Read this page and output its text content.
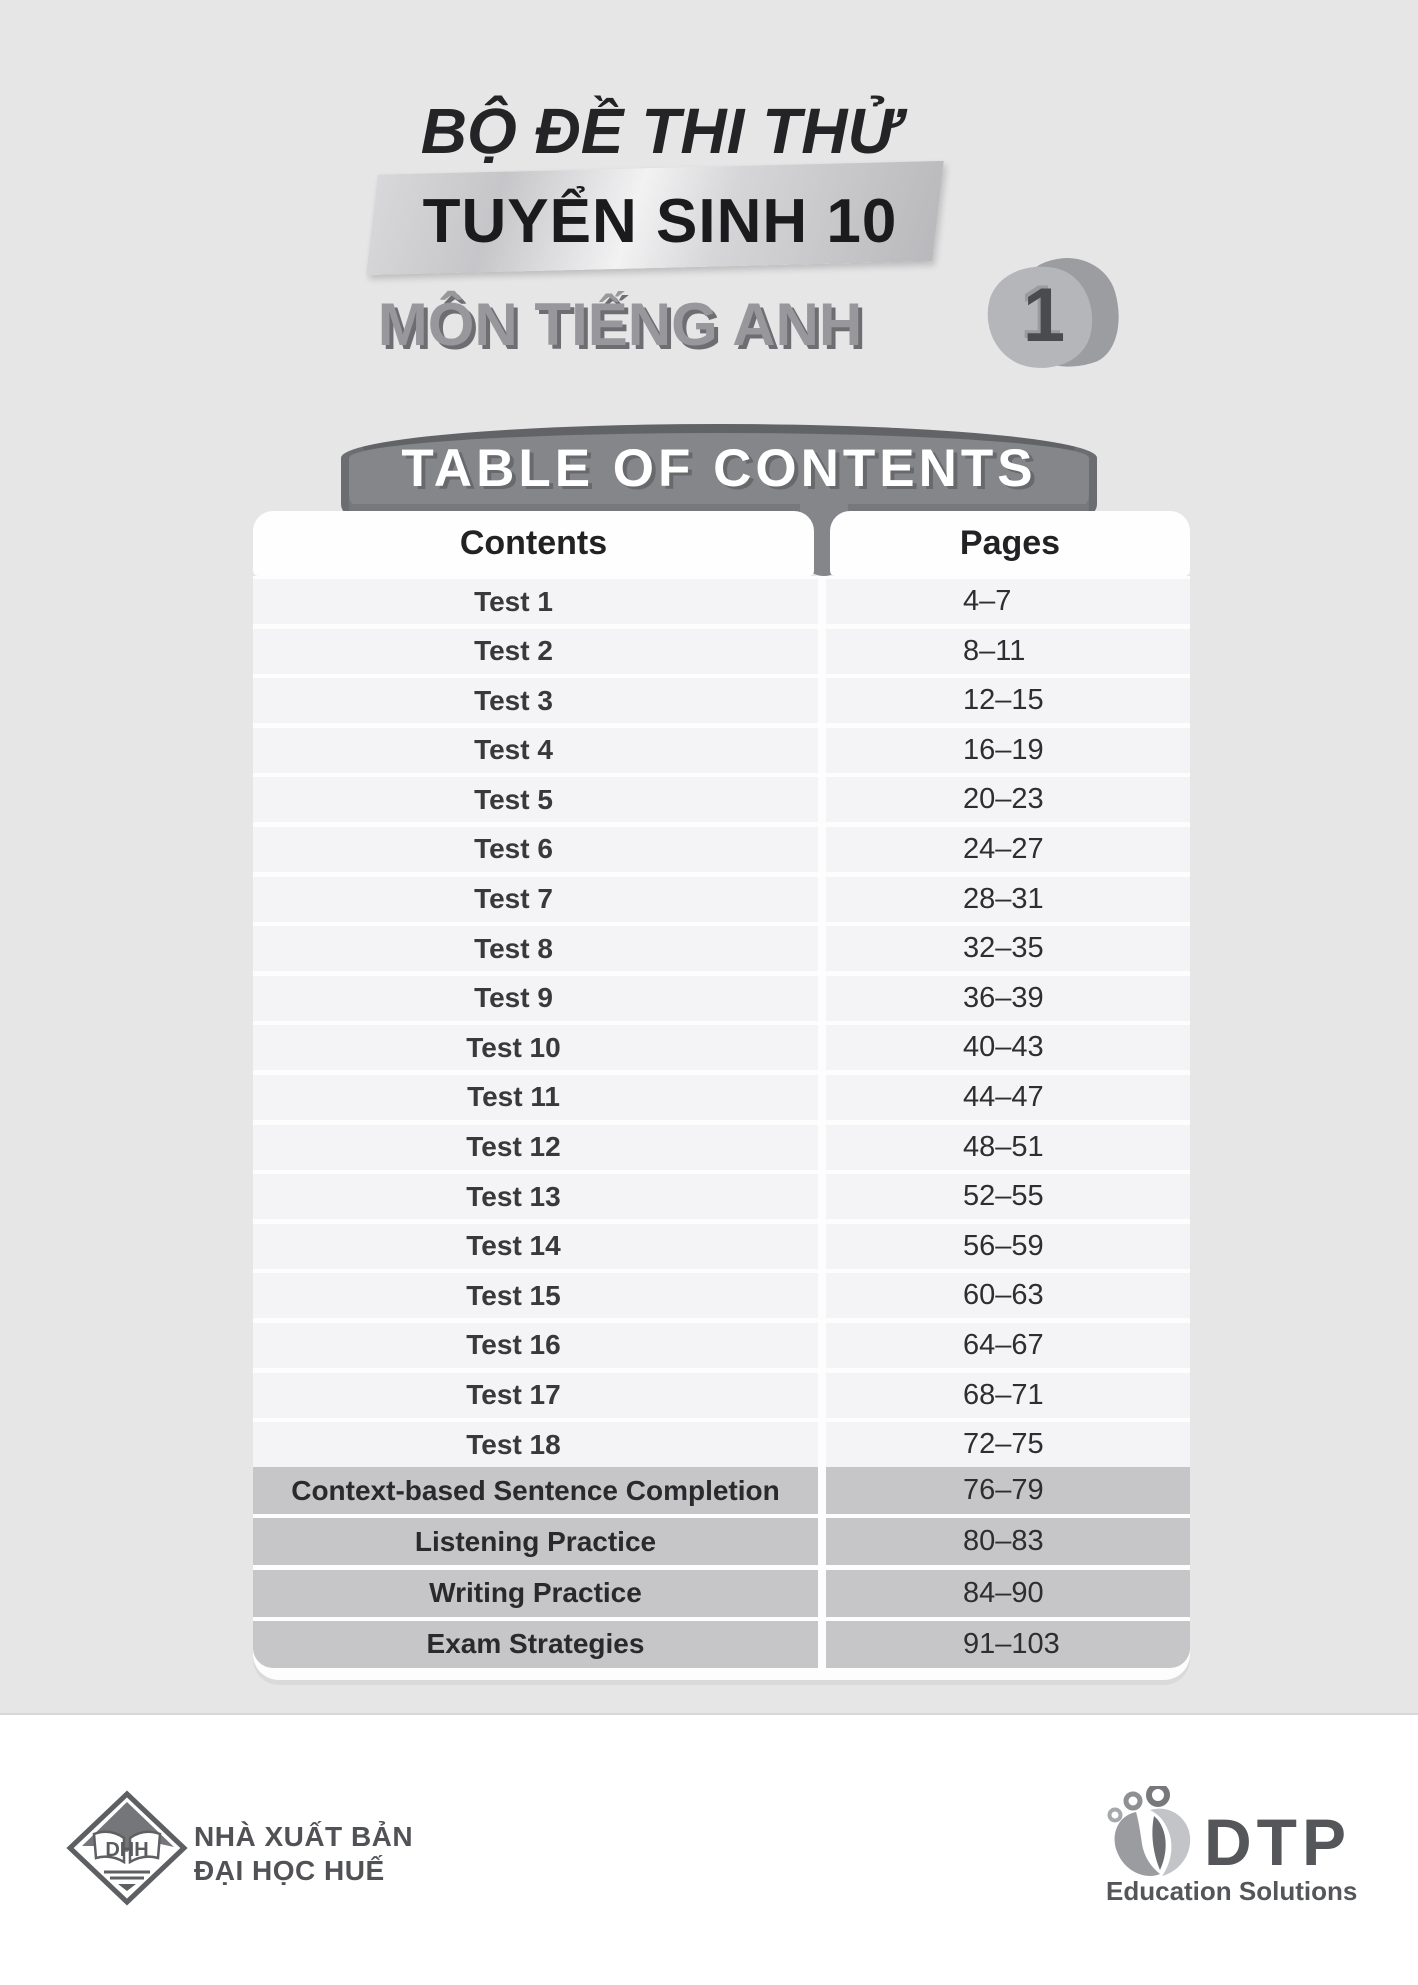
BỘ ĐỀ THI THỬ
TUYỂN SINH 10
MÔN TIẾNG ANH	1
TABLE OF CONTENTS
Contents	Pages
Test 1	4–7
Test 2	8–11
Test 3	12–15
Test 4	16–19
Test 5	20–23
Test 6	24–27
Test 7	28–31
Test 8	32–35
Test 9	36–39
Test 10	40–43
Test 11	44–47
Test 12	48–51
Test 13	52–55
Test 14	56–59
Test 15	60–63
Test 16	64–67
Test 17	68–71
Test 18	72–75
Context-based Sentence Completion	76–79
Listening Practice	80–83
Writing Practice	84–90
Exam Strategies	91–103
DHH NHÀ XUẤT BẢN
ĐẠI HỌC HUẾ	DTP
Education Solutions
